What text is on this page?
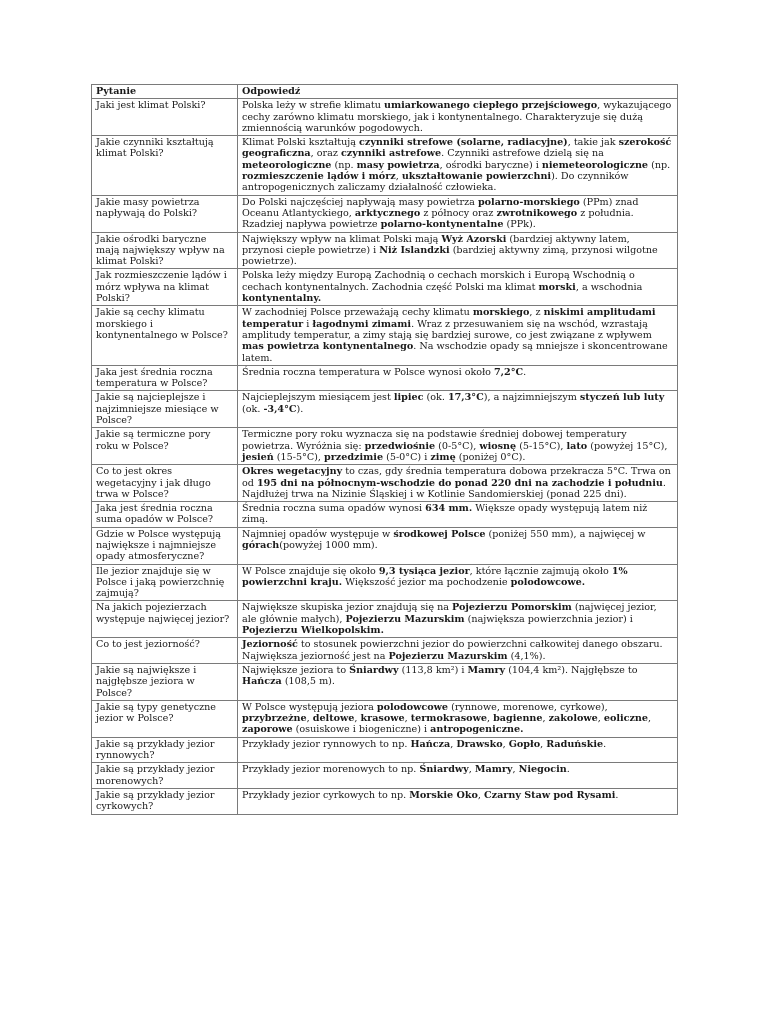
Pytanie	Odpowiedź
Jaki jest klimat Polski?	Polska leży w strefie klimatu umiarkowanego ciepłego przejściowego, wykazującego cechy zarówno klimatu morskiego, jak i kontynentalnego. Charakteryzuje się dużą zmiennością warunków pogodowych.
Jakie czynniki kształtują klimat Polski?	Klimat Polski kształtują czynniki strefowe (solarne, radiacyjne), takie jak szerokość geograficzna, oraz czynniki astrefowe. Czynniki astrefowe dzielą się na meteorologiczne (np. masy powietrza, ośrodki baryczne) i niemeteorologiczne (np. rozmieszczenie lądów i mórz, ukształtowanie powierzchni). Do czynników antropogenicznych zaliczamy działalność człowieka.
Jakie masy powietrza napływają do Polski?	Do Polski najczęściej napływają masy powietrza polarno-morskiego (PPm) znad Oceanu Atlantyckiego, arktycznego z północy oraz zwrotnikowego z południa. Rzadziej napływa powietrze polarno-kontynentalne (PPk).
Jakie ośrodki baryczne mają największy wpływ na klimat Polski?	Największy wpływ na klimat Polski mają Wyż Azorski (bardziej aktywny latem, przynosi ciepłe powietrze) i Niż Islandzki (bardziej aktywny zimą, przynosi wilgotne powietrze).
Jak rozmieszczenie lądów i mórz wpływa na klimat Polski?	Polska leży między Europą Zachodnią o cechach morskich i Europą Wschodnią o cechach kontynentalnych. Zachodnia część Polski ma klimat morski, a wschodnia kontynentalny.
Jakie są cechy klimatu morskiego i kontynentalnego w Polsce?	W zachodniej Polsce przeważają cechy klimatu morskiego, z niskimi amplitudami temperatur i łagodnymi zimami. Wraz z przesuwaniem się na wschód, wzrastają amplitudy temperatur, a zimy stają się bardziej surowe, co jest związane z wpływem mas powietrza kontynentalnego. Na wschodzie opady są mniejsze i skoncentrowane latem.
Jaka jest średnia roczna temperatura w Polsce?	Średnia roczna temperatura w Polsce wynosi około 7,2°C.
Jakie są najcieplejsze i najzimniejsze miesiące w Polsce?	Najcieplejszym miesiącem jest lipiec (ok. 17,3°C), a najzimniejszym styczeń lub luty (ok. -3,4°C).
Jakie są termiczne pory roku w Polsce?	Termiczne pory roku wyznacza się na podstawie średniej dobowej temperatury powietrza. Wyróżnia się: przedwiośnie (0-5°C), wiosnę (5-15°C), lato (powyżej 15°C), jesień (15-5°C), przedzimie (5-0°C) i zimę (poniżej 0°C).
Co to jest okres wegetacyjny i jak długo trwa w Polsce?	Okres wegetacyjny to czas, gdy średnia temperatura dobowa przekracza 5°C. Trwa on od 195 dni na północnym-wschodzie do ponad 220 dni na zachodzie i południu. Najdłużej trwa na Nizinie Śląskiej i w Kotlinie Sandomierskiej (ponad 225 dni).
Jaka jest średnia roczna suma opadów w Polsce?	Średnia roczna suma opadów wynosi 634 mm. Większe opady występują latem niż zimą.
Gdzie w Polsce występują największe i najmniejsze opady atmosferyczne?	Najmniej opadów występuje w środkowej Polsce (poniżej 550 mm), a najwięcej w górach(powyżej 1000 mm).
Ile jezior znajduje się w Polsce i jaką powierzchnię zajmują?	W Polsce znajduje się około 9,3 tysiąca jezior, które łącznie zajmują około 1% powierzchni kraju. Większość jezior ma pochodzenie polodowcowe.
Na jakich pojezierzach występuje najwięcej jezior?	Największe skupiska jezior znajdują się na Pojezierzu Pomorskim (najwięcej jezior, ale głównie małych), Pojezierzu Mazurskim (największa powierzchnia jezior) i Pojezierzu Wielkopolskim.
Co to jest jeziorność?	Jeziorność to stosunek powierzchni jezior do powierzchni całkowitej danego obszaru. Największa jeziorność jest na Pojezierzu Mazurskim (4,1%).
Jakie są największe i najgłębsze jeziora w Polsce?	Największe jeziora to Śniardwy (113,8 km²) i Mamry (104,4 km²). Najgłębsze to Hańcza (108,5 m).
Jakie są typy genetyczne jezior w Polsce?	W Polsce występują jeziora polodowcowe (rynnowe, morenowe, cyrkowe), przybrzeżne, deltowe, krasowe, termokrasowe, bagienne, zakolowe, eoliczne, zaporowe (osuiskowe i biogeniczne) i antropogeniczne.
Jakie są przykłady jezior rynnowych?	Przykłady jezior rynnowych to np. Hańcza, Drawsko, Gopło, Raduńskie.
Jakie są przykłady jezior morenowych?	Przykłady jezior morenowych to np. Śniardwy, Mamry, Niegocin.
Jakie są przykłady jezior cyrkowych?	Przykłady jezior cyrkowych to np. Morskie Oko, Czarny Staw pod Rysami.
